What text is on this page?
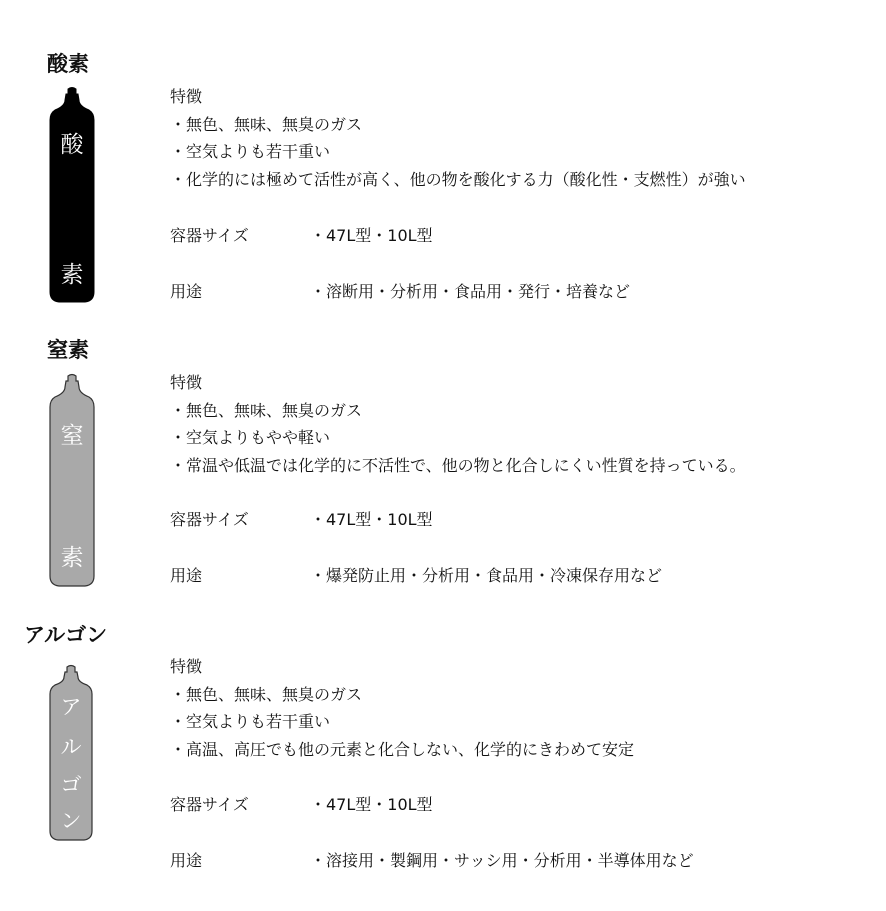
酸素
酸
素
特徴
・無色、無味、無臭のガス
・空気よりも若干重い
・化学的には極めて活性が高く、他の物を酸化する力（酸化性・支燃性）が強い
容器サイズ	・47L型・10L型
用途	・溶断用・分析用・食品用・発行・培養など
窒素
窒
素
特徴
・無色、無味、無臭のガス
・空気よりもやや軽い
・常温や低温では化学的に不活性で、他の物と化合しにくい性質を持っている。
容器サイズ	・47L型・10L型
用途	・爆発防止用・分析用・食品用・冷凍保存用など
アルゴン
ア
ル
ゴ
ン
特徴
・無色、無味、無臭のガス
・空気よりも若干重い
・高温、高圧でも他の元素と化合しない、化学的にきわめて安定
容器サイズ	・47L型・10L型
用途	・溶接用・製鋼用・サッシ用・分析用・半導体用など
